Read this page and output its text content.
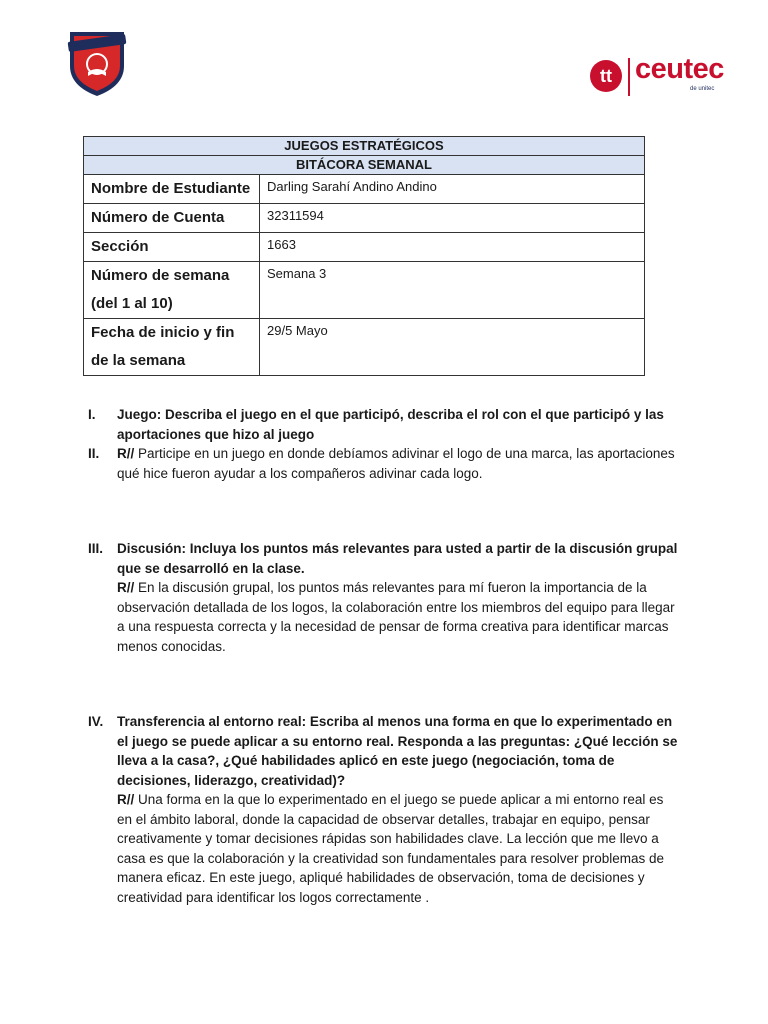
tt ceutec
de unitec
JUEGOS ESTRATÉGICOS	
BITÁCORA SEMANAL	
Nombre de Estudiante	Darling Sarahí Andino Andino
Número de Cuenta	32311594
Sección	1663

Número de semana
(del 1 al 10)	Semana 3

Fecha de inicio y fin
de la semana	29/5 Mayo
I. Juego: Describa el juego en el que participó, describa el rol con el que participó y las aportaciones que hizo al juego
II. R// Participe en un juego en donde debíamos adivinar el logo de una marca, las aportaciones qué hice fueron ayudar a los compañeros adivinar cada logo.
III. Discusión: Incluya los puntos más relevantes para usted a partir de la discusión grupal que se desarrolló en la clase.
R// En la discusión grupal, los puntos más relevantes para mí fueron la importancia de la observación detallada de los logos, la colaboración entre los miembros del equipo para llegar a una respuesta correcta y la necesidad de pensar de forma creativa para identificar marcas menos conocidas.
IV. Transferencia al entorno real: Escriba al menos una forma en que lo experimentado en el juego se puede aplicar a su entorno real. Responda a las preguntas: ¿Qué lección se lleva a la casa?, ¿Qué habilidades aplicó en este juego (negociación, toma de decisiones, liderazgo, creatividad)?
R// Una forma en la que lo experimentado en el juego se puede aplicar a mi entorno real es en el ámbito laboral, donde la capacidad de observar detalles, trabajar en equipo, pensar creativamente y tomar decisiones rápidas son habilidades clave. La lección que me llevo a casa es que la colaboración y la creatividad son fundamentales para resolver problemas de manera eficaz. En este juego, apliqué habilidades de observación, toma de decisiones y creatividad para identificar los logos correctamente .
